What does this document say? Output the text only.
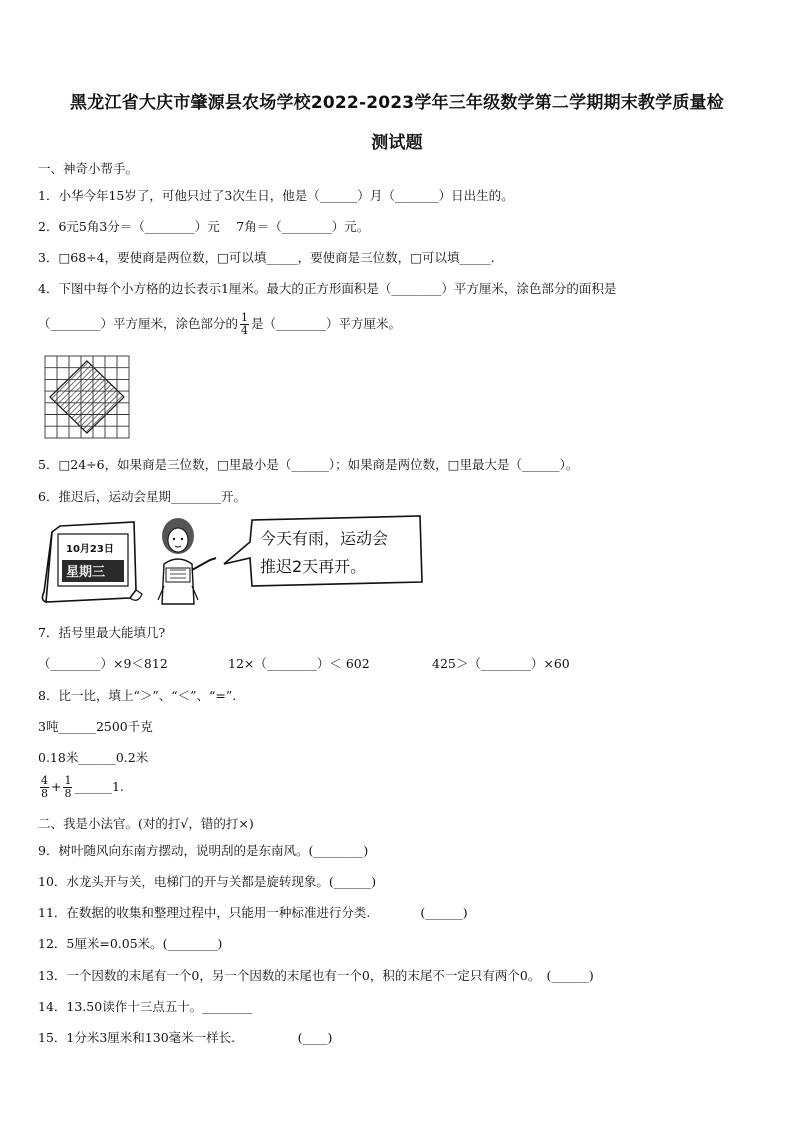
黑龙江省大庆市肇源县农场学校2022-2023学年三年级数学第二学期期末教学质量检
测试题
一、神奇小帮手。
1．小华今年15岁了，可他只过了3次生日，他是（______）月（_______）日出生的。
2．6元5角3分＝（________）元　 7角＝（________）元。
3．□68÷4，要使商是两位数，□可以填_____，要使商是三位数，□可以填_____.
4．下图中每个小方格的边长表示1厘米。最大的正方形面积是（________）平方厘米，涂色部分的面积是
（________）平方厘米，涂色部分的 $\frac{1}{4}$ 是（________）平方厘米。
5．□24÷6，如果商是三位数，□里最小是（______）；如果商是两位数，□里最大是（______）。
6．推迟后，运动会星期________开。
10月23日
星期三
今天有雨，运动会
推迟2天再开。
7．括号里最大能填几?
（________）×9＜812	12×（________）＜ 602	425＞（________）×60
8．比一比，填上“＞”、“＜”、“=”.
3吨______2500千克
0.18米______0.2米
$\frac{4}{8} + \frac{1}{8}$ ______1.
二、我是小法官。(对的打√，错的打×)
9．树叶随风向东南方摆动，说明刮的是东南风。(________)
10．水龙头开与关，电梯门的开与关都是旋转现象。(______)
11．在数据的收集和整理过程中，只能用一种标准进行分类.　　　　(______)
12．5厘米=0.05米。(________)
13．一个因数的末尾有一个0，另一个因数的末尾也有一个0，积的末尾不一定只有两个0。　(______)
14．13.50读作十三点五十。________
15．1分米3厘米和130毫米一样长.　　　　　(____)
